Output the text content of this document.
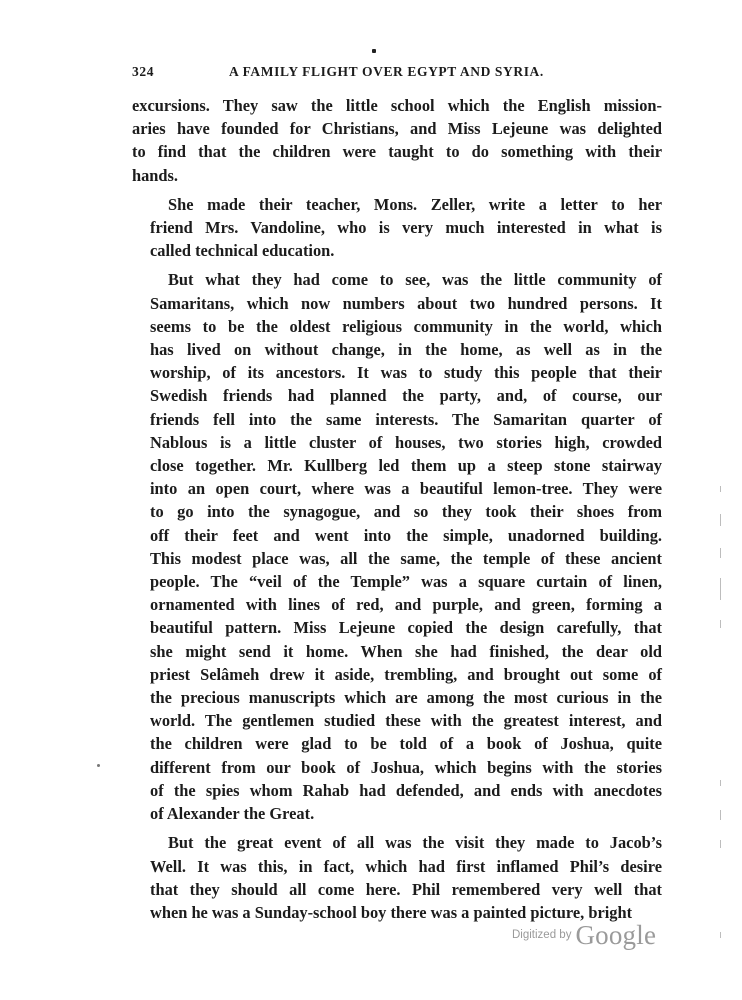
324	A FAMILY FLIGHT OVER EGYPT AND SYRIA.

excursions. They saw the little school which the English mission-
aries have founded for Christians, and Miss Lejeune was delighted
to find that the children were taught to do something with their
hands.

She made their teacher, Mons. Zeller, write a letter to her
friend Mrs. Vandoline, who is very much interested in what is
called technical education.

But what they had come to see, was the little community of
Samaritans, which now numbers about two hundred persons. It
seems to be the oldest religious community in the world, which
has lived on without change, in the home, as well as in the
worship, of its ancestors. It was to study this people that their
Swedish friends had planned the party, and, of course, our
friends fell into the same interests. The Samaritan quarter of
Nablous is a little cluster of houses, two stories high, crowded
close together. Mr. Kullberg led them up a steep stone stairway
into an open court, where was a beautiful lemon-tree. They were
to go into the synagogue, and so they took their shoes from
off their feet and went into the simple, unadorned building.
This modest place was, all the same, the temple of these ancient
people. The “veil of the Temple” was a square curtain of linen,
ornamented with lines of red, and purple, and green, forming a
beautiful pattern. Miss Lejeune copied the design carefully, that
she might send it home. When she had finished, the dear old
priest Selâmeh drew it aside, trembling, and brought out some of
the precious manuscripts which are among the most curious in the
world. The gentlemen studied these with the greatest interest, and
the children were glad to be told of a book of Joshua, quite
different from our book of Joshua, which begins with the stories
of the spies whom Rahab had defended, and ends with anecdotes
of Alexander the Great.

But the great event of all was the visit they made to Jacob’s
Well. It was this, in fact, which had first inflamed Phil’s desire
that they should all come here. Phil remembered very well that
when he was a Sunday-school boy there was a painted picture, bright

$^{Digitized by}$ Google
